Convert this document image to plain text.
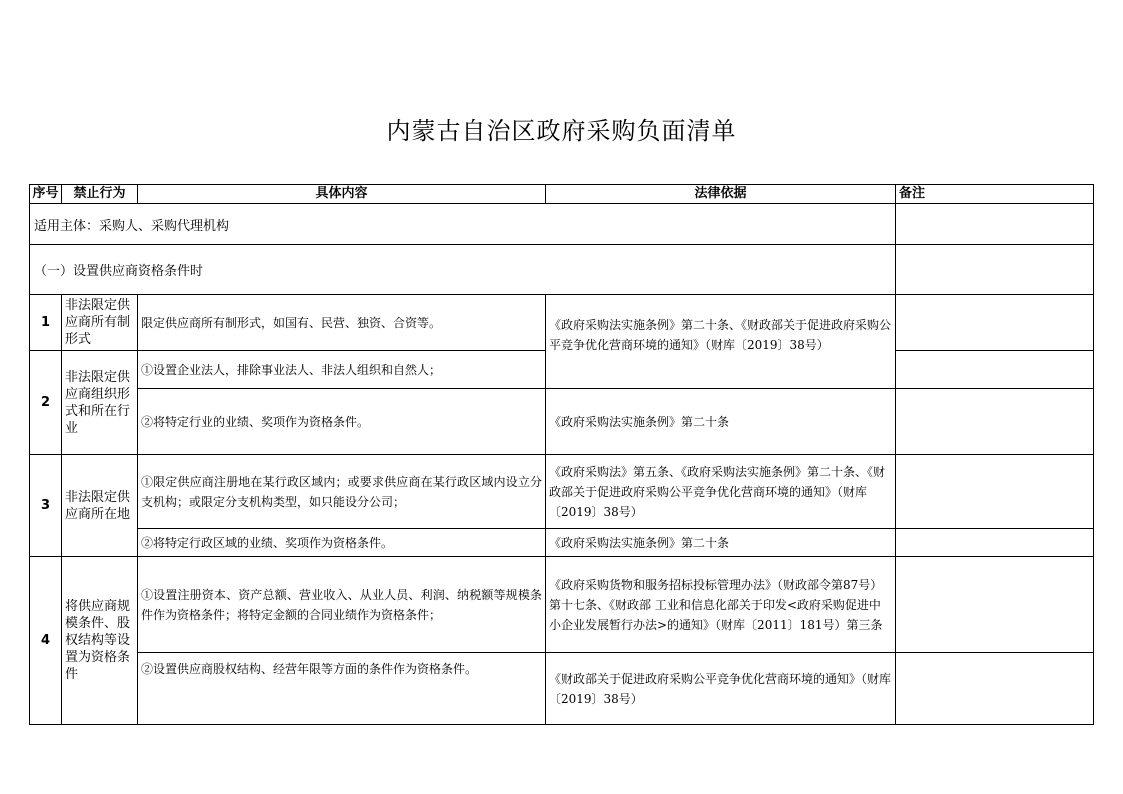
内蒙古自治区政府采购负面清单
序号	禁止行为	具体内容	法律依据	备注
适用主体：采购人、采购代理机构				
（一）设置供应商资格条件时				
1	非法限定供应商所有制形式	限定供应商所有制形式，如国有、民营、独资、合资等。	《政府采购法实施条例》第二十条、《财政部关于促进政府采购公平竞争优化营商环境的通知》（财库〔2019〕38号）	
2	非法限定供应商组织形式和所在行业	①设置企业法人，排除事业法人、非法人组织和自然人；		
		②将特定行业的业绩、奖项作为资格条件。	《政府采购法实施条例》第二十条	
3	非法限定供应商所在地	①限定供应商注册地在某行政区域内；或要求供应商在某行政区域内设立分支机构；或限定分支机构类型，如只能设分公司；	《政府采购法》第五条、《政府采购法实施条例》第二十条、《财政部关于促进政府采购公平竞争优化营商环境的通知》（财库〔2019〕38号）	
		②将特定行政区域的业绩、奖项作为资格条件。	《政府采购法实施条例》第二十条	
4	将供应商规模条件、股权结构等设置为资格条件	①设置注册资本、资产总额、营业收入、从业人员、利润、纳税额等规模条件作为资格条件；将特定金额的合同业绩作为资格条件；	《政府采购货物和服务招标投标管理办法》（财政部令第87号）第十七条、《财政部 工业和信息化部关于印发<政府采购促进中小企业发展暂行办法>的通知》（财库〔2011〕181号）第三条	
		②设置供应商股权结构、经营年限等方面的条件作为资格条件。	《财政部关于促进政府采购公平竞争优化营商环境的通知》（财库〔2019〕38号）	
